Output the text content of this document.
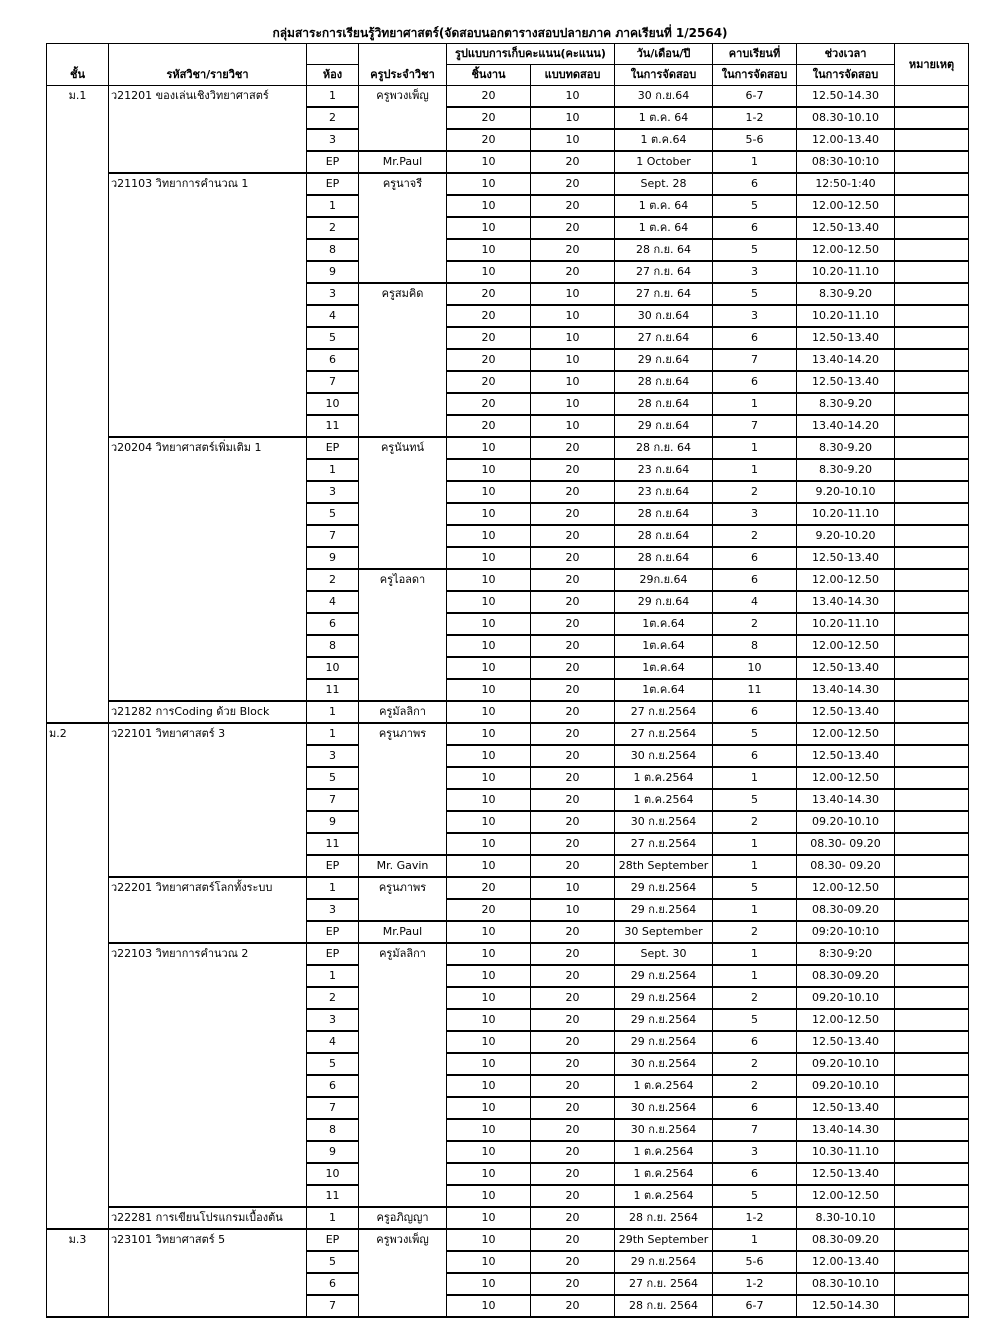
กลุ่มสาระการเรียนรู้วิทยาศาสตร์(จัดสอบนอกตารางสอบปลายภาค ภาคเรียนที่ 1/2564)
ชั้น	รหัสวิชา/รายวิชา		ครูประจำวิชา	รูปแบบการเก็บคะแนน(คะแนน)		วัน/เดือน/ปี	คาบเรียนที่	ช่วงเวลา	หมายเหตุ
		ห้อง		ชิ้นงาน	แบบทดสอบ	ในการจัดสอบ	ในการจัดสอบ	ในการจัดสอบ	
ม.1	ว21201 ของเล่นเชิงวิทยาศาสตร์	1	ครูพวงเพ็ญ	20	10	30 ก.ย.64	6-7	12.50-14.30	
		2		20	10	1 ต.ค. 64	1-2	08.30-10.10	
		3		20	10	1 ต.ค.64	5-6	12.00-13.40	
		EP	Mr.Paul	10	20	1 October	1	08:30-10:10	
	ว21103 วิทยาการคำนวณ 1	EP	ครูนาจรี	10	20	Sept. 28	6	12:50-1:40	
		1		10	20	1 ต.ค. 64	5	12.00-12.50	
		2		10	20	1 ต.ค. 64	6	12.50-13.40	
		8		10	20	28 ก.ย. 64	5	12.00-12.50	
		9		10	20	27 ก.ย. 64	3	10.20-11.10	
		3	ครูสมคิด	20	10	27 ก.ย. 64	5	8.30-9.20	
		4		20	10	30 ก.ย.64	3	10.20-11.10	
		5		20	10	27 ก.ย.64	6	12.50-13.40	
		6		20	10	29 ก.ย.64	7	13.40-14.20	
		7		20	10	28 ก.ย.64	6	12.50-13.40	
		10		20	10	28 ก.ย.64	1	8.30-9.20	
		11		20	10	29 ก.ย.64	7	13.40-14.20	
	ว20204 วิทยาศาสตร์เพิ่มเติม 1	EP	ครูนันทน์	10	20	28 ก.ย. 64	1	8.30-9.20	
		1		10	20	23 ก.ย.64	1	8.30-9.20	
		3		10	20	23 ก.ย.64	2	9.20-10.10	
		5		10	20	28 ก.ย.64	3	10.20-11.10	
		7		10	20	28 ก.ย.64	2	9.20-10.20	
		9		10	20	28 ก.ย.64	6	12.50-13.40	
		2	ครูไอลดา	10	20	29ก.ย.64	6	12.00-12.50	
		4		10	20	29 ก.ย.64	4	13.40-14.30	
		6		10	20	1ต.ค.64	2	10.20-11.10	
		8		10	20	1ต.ค.64	8	12.00-12.50	
		10		10	20	1ต.ค.64	10	12.50-13.40	
		11		10	20	1ต.ค.64	11	13.40-14.30	
	ว21282 การCoding ด้วย Block	1	ครูมัลลิกา	10	20	27 ก.ย.2564	6	12.50-13.40	
ม.2	ว22101 วิทยาศาสตร์ 3	1	ครูนภาพร	10	20	27 ก.ย.2564	5	12.00-12.50	
		3		10	20	30 ก.ย.2564	6	12.50-13.40	
		5		10	20	1 ต.ค.2564	1	12.00-12.50	
		7		10	20	1 ต.ค.2564	5	13.40-14.30	
		9		10	20	30 ก.ย.2564	2	09.20-10.10	
		11		10	20	27 ก.ย.2564	1	08.30- 09.20	
		EP	Mr. Gavin	10	20	28th September	1	08.30- 09.20	
	ว22201 วิทยาศาสตร์โลกทั้งระบบ	1	ครูนภาพร	20	10	29 ก.ย.2564	5	12.00-12.50	
		3		20	10	29 ก.ย.2564	1	08.30-09.20	
		EP	Mr.Paul	10	20	30 September	2	09:20-10:10	
	ว22103 วิทยาการคำนวณ 2	EP	ครูมัลลิกา	10	20	Sept. 30	1	8:30-9:20	
		1		10	20	29 ก.ย.2564	1	08.30-09.20	
		2		10	20	29 ก.ย.2564	2	09.20-10.10	
		3		10	20	29 ก.ย.2564	5	12.00-12.50	
		4		10	20	29 ก.ย.2564	6	12.50-13.40	
		5		10	20	30 ก.ย.2564	2	09.20-10.10	
		6		10	20	1 ต.ค.2564	2	09.20-10.10	
		7		10	20	30 ก.ย.2564	6	12.50-13.40	
		8		10	20	30 ก.ย.2564	7	13.40-14.30	
		9		10	20	1 ต.ค.2564	3	10.30-11.10	
		10		10	20	1 ต.ค.2564	6	12.50-13.40	
		11		10	20	1 ต.ค.2564	5	12.00-12.50	
	ว22281 การเขียนโปรแกรมเบื้องต้น	1	ครูอภิญญา	10	20	28 ก.ย. 2564	1-2	8.30-10.10	
ม.3	ว23101 วิทยาศาสตร์ 5	EP	ครูพวงเพ็ญ	10	20	29th September	1	08.30-09.20	
		5		10	20	29 ก.ย.2564	5-6	12.00-13.40	
		6		10	20	27 ก.ย. 2564	1-2	08.30-10.10	
		7		10	20	28 ก.ย. 2564	6-7	12.50-14.30	
